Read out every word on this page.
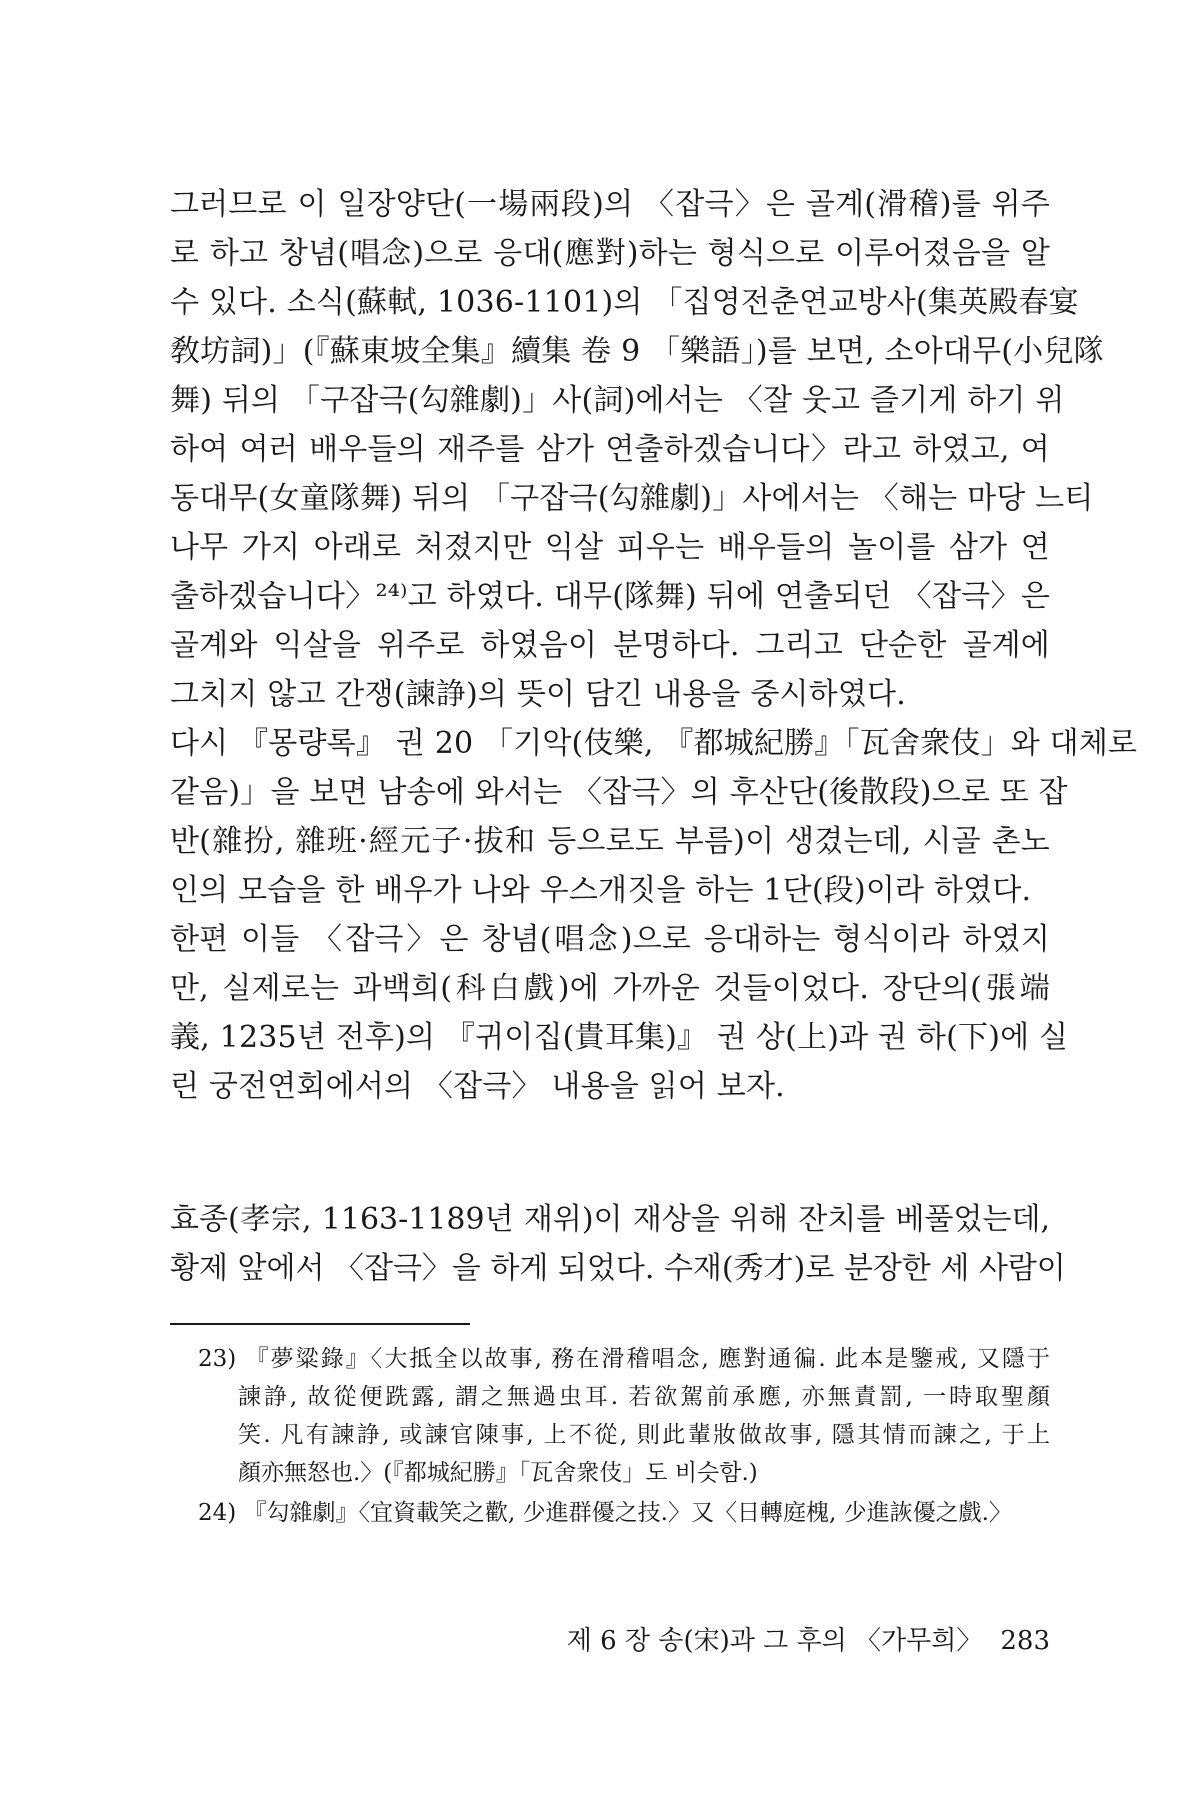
그러므로 이 일장양단(一場兩段)의 〈잡극〉은 골계(滑稽)를 위주
로 하고 창념(唱念)으로 응대(應對)하는 형식으로 이루어졌음을 알
수 있다. 소식(蘇軾, 1036-1101)의 「집영전춘연교방사(集英殿春宴
敎坊詞)」(『蘇東坡全集』續集 卷 9 「樂語」)를 보면, 소아대무(小兒隊
舞) 뒤의 「구잡극(勾雜劇)」사(詞)에서는 〈잘 웃고 즐기게 하기 위
하여 여러 배우들의 재주를 삼가 연출하겠습니다〉라고 하였고, 여
동대무(女童隊舞) 뒤의 「구잡극(勾雜劇)」사에서는 〈해는 마당 느티
나무 가지 아래로 처졌지만 익살 피우는 배우들의 놀이를 삼가 연
출하겠습니다〉²⁴⁾고 하였다. 대무(隊舞) 뒤에 연출되던 〈잡극〉은
골계와 익살을 위주로 하였음이 분명하다. 그리고 단순한 골계에
그치지 않고 간쟁(諫諍)의 뜻이 담긴 내용을 중시하였다.
다시 『몽량록』 권 20 「기악(伎樂, 『都城紀勝』「瓦舍衆伎」와 대체로
같음)」을 보면 남송에 와서는 〈잡극〉의 후산단(後散段)으로 또 잡
반(雜扮, 雜班·經元子·拔和 등으로도 부름)이 생겼는데, 시골 촌노
인의 모습을 한 배우가 나와 우스개짓을 하는 1단(段)이라 하였다.
한편 이들 〈잡극〉은 창념(唱念)으로 응대하는 형식이라 하였지
만, 실제로는 과백희(科白戲)에 가까운 것들이었다. 장단의(張端
義, 1235년 전후)의 『귀이집(貴耳集)』 권 상(上)과 권 하(下)에 실
린 궁전연회에서의 〈잡극〉 내용을 읽어 보자.
효종(孝宗, 1163-1189년 재위)이 재상을 위해 잔치를 베풀었는데,
황제 앞에서 〈잡극〉을 하게 되었다. 수재(秀才)로 분장한 세 사람이
23) 『夢粱錄』〈大抵全以故事, 務在滑稽唱念, 應對通徧. 此本是鑒戒, 又隱于
諫諍, 故從便跣露, 謂之無過虫耳. 若欲駕前承應, 亦無責罰, 一時取聖顏
笑. 凡有諫諍, 或諫官陳事, 上不從, 則此輩妝做故事, 隱其情而諫之, 于上
顏亦無怒也.〉(『都城紀勝』「瓦舍衆伎」도 비슷함.)
24) 『勾雜劇』〈宜資載笑之歡, 少進群優之技.〉又〈日轉庭槐, 少進詼優之戲.〉
제 6 장 송(宋)과 그 후의 〈가무희〉 283
